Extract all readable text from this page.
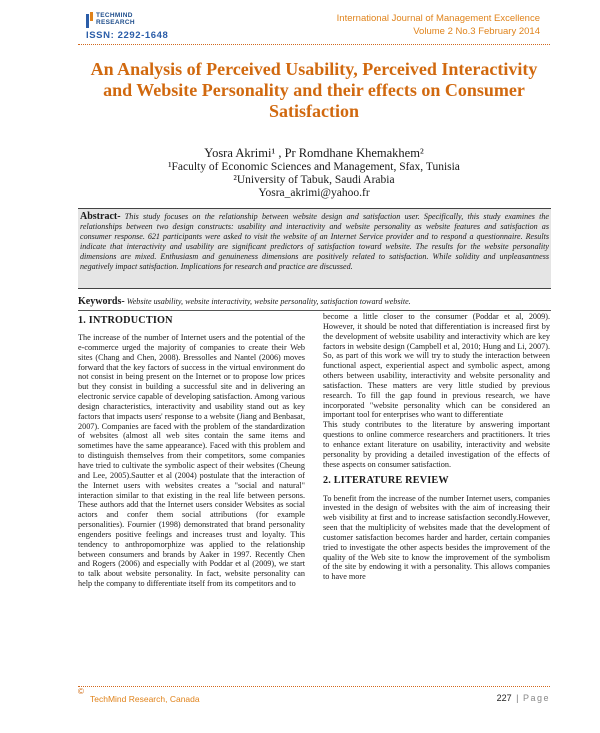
TECHMIND
RESEARCH
ISSN: 2292-1648
International Journal of Management Excellence
Volume 2 No.3 February 2014
An Analysis of Perceived Usability, Perceived Interactivity and Website Personality and their effects on Consumer Satisfaction
Yosra Akrimi¹ , Pr Romdhane Khemakhem²
¹Faculty of Economic Sciences and Management, Sfax, Tunisia
²University of Tabuk, Saudi Arabia
Yosra_akrimi@yahoo.fr
Abstract- This study focuses on the relationship between website design and satisfaction user. Specifically, this study examines the relationships between two design constructs: usability and interactivity and website personality as website features and satisfaction as consumer response. 621 participants were asked to visit the website of an Internet Service provider and to respond a questionnaire. Results indicate that interactivity and usability are significant predictors of satisfaction toward website. The results for the website personality dimensions are mixed. Enthusiasm and genuineness dimensions are positively related to satisfaction. While solidity and unpleasantness negatively impact satisfaction. Implications for research and practice are discussed.
Keywords- Website usability, website interactivity, website personality, satisfaction toward website.
1. INTRODUCTION

The increase of the number of Internet users and the potential of the e-commerce urged the majority of companies to create their Web sites (Chang and Chen, 2008). Bressolles and Nantel (2006) moves forward that the key factors of success in the virtual environment do not consist in being present on the Internet or to propose low prices but they consist in building a successful site and in delivering an electronic service capable of developing satisfaction. Among various design characteristics, interactivity and usability stand out as key factors that impacts users' response to a website (Jiang and Benbasat, 2007). Companies are faced with the problem of the standardization of websites (almost all web sites contain the same items and sometimes have the same appearance). Faced with this problem and to distinguish themselves from their competitors, some companies have tried to cultivate the symbolic aspect of their websites (Cheung and Lee, 2005).Sautter et al (2004) postulate that the interaction of the Internet users with websites creates a "social and natural" interaction similar to that existing in the real life between persons. These authors add that the Internet users consider Websites as social actors and confer them social attributions (for example personalities). Fournier (1998) demonstrated that brand personality engenders positive feelings and increases trust and loyalty. This tendency to anthropomorphize was applied to the relationship between consumers and brands by Aaker in 1997. Recently Chen and Rogers (2006) and especially with Poddar et al (2009), we start to talk about website personality. In fact, website personality can help the company to differentiate itself from its competitors and to

become a little closer to the consumer (Poddar et al, 2009). However, it should be noted that differentiation is increased first by the development of website usability and interactivity which are key factors in website design (Campbell et al, 2010; Hung and Li, 2007). So, as part of this work we will try to study the interaction between functional aspect, experiential aspect and symbolic aspect, among others between usability, interactivity and website personality and satisfaction. These matters are very little studied by previous research. To fill the gap found in previous research, we have incorporated "website personality which can be considered an important tool for enterprises who want to differentiate

This study contributes to the literature by answering important questions to online commerce researchers and practitioners. It tries to enhance extant literature on usability, interactivity and website personality by providing a detailed investigation of the effects of these aspects on consumer satisfaction.

2. LITERATURE REVIEW

To benefit from the increase of the number Internet users, companies invested in the design of websites with the aim of increasing their web visibility at first and to increase satisfaction secondly.However, seen that the multiplicity of websites made that the development of customer satisfaction becomes harder and harder, certain companies tried to investigate the other aspects besides the improvement of the quality of the Web site to know the improvement of the symbolism of the site by endowing it with a personality. This allows companies to have more

©
TechMind Research, Canada	227 | Page
